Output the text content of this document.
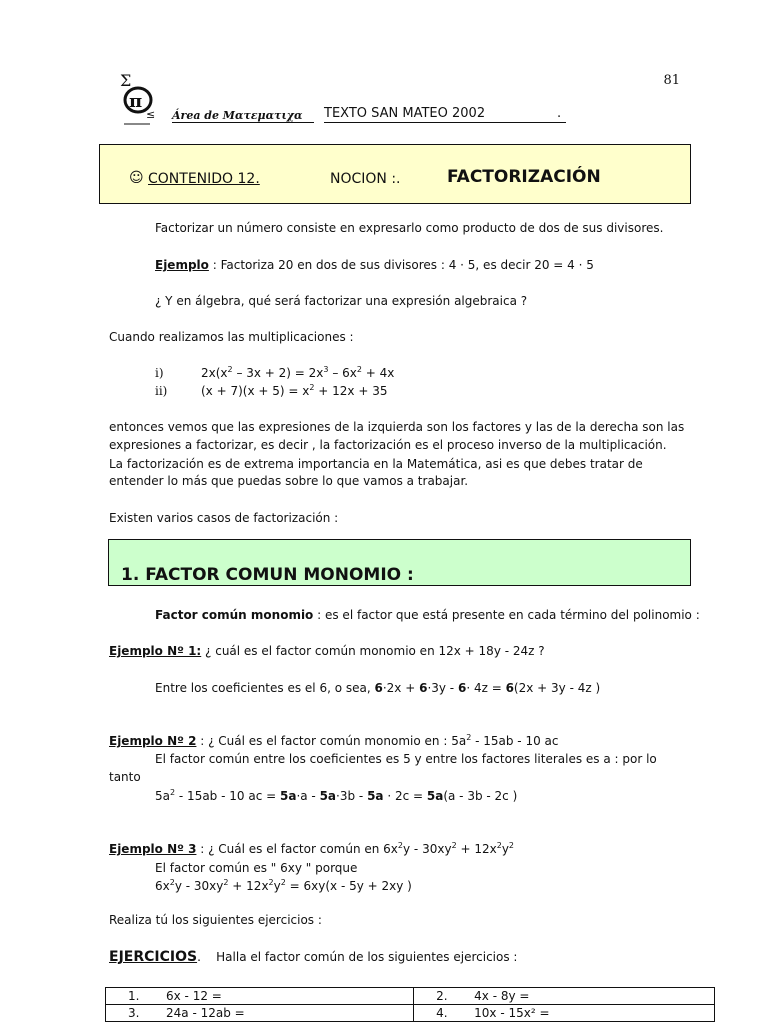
81
Σ
π
≤ Área de Ματεματιχα TEXTO SAN MATEO 2002	.
☺ CONTENIDO 12.	NOCION :.	FACTORIZACIÓN
Factorizar un número consiste en expresarlo como producto de dos de sus divisores.
Ejemplo : Factoriza 20 en dos de sus divisores : 4 · 5, es decir 20 = 4 · 5
¿ Y en álgebra, qué será factorizar una expresión algebraica ?
Cuando realizamos las multiplicaciones :
i)	$2x(x^2 - 3x + 2) = 2x^3 - 6x^2 + 4x$
ii)	$(x + 7)(x + 5) = x^2 + 12x + 35$
entonces vemos que las expresiones de la izquierda son los factores y las de la derecha son las
expresiones a factorizar, es decir , la factorización es el proceso inverso de la multiplicación.
La factorización es de extrema importancia en la Matemática, asi es que debes tratar de
entender lo más que puedas sobre lo que vamos a trabajar.
Existen varios casos de factorización :
1. FACTOR COMUN MONOMIO :
Factor común monomio : es el factor que está presente en cada término del polinomio :
Ejemplo Nº 1: ¿ cuál es el factor común monomio en 12x + 18y - 24z ?
Entre los coeficientes es el 6, o sea, 6·2x + 6·3y - 6· 4z = 6(2x + 3y - 4z )
Ejemplo Nº 2 : ¿ Cuál es el factor común monomio en : $5a^2 - 15ab - 10$ ac
El factor común entre los coeficientes es 5 y entre los factores literales es a : por lo
tanto
$5a^2 - 15ab - 10$ ac = 5a·a - 5a·3b - 5a · 2c = 5a(a - 3b - 2c )
Ejemplo Nº 3 : ¿ Cuál es el factor común en $6x^2y - 30xy^2 + 12x^2y^2$
El factor común es " 6xy " porque
$6x^2y - 30xy^2 + 12x^2y^2 = 6xy(x - 5y + 2xy$ )
Realiza tú los siguientes ejercicios :
EJERCICIOS.    Halla el factor común de los siguientes ejercicios :
1. 6x - 12 =	2. 4x - 8y =
3. 24a - 12ab =	4. 10x - 15x² =
